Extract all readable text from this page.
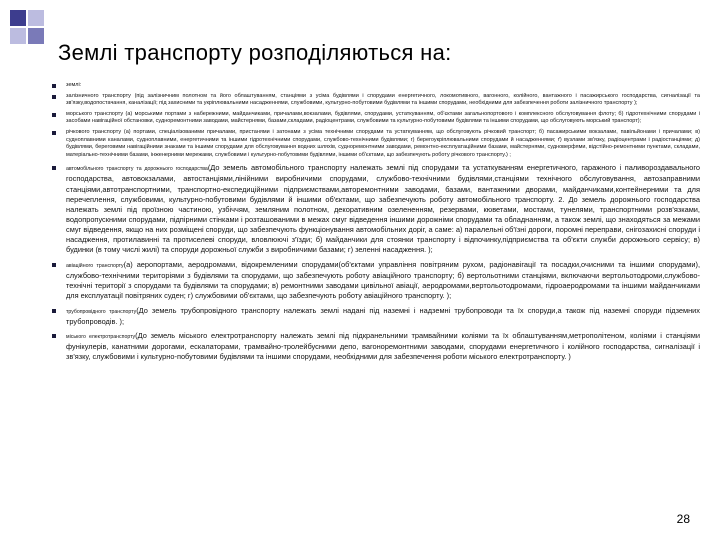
Землі транспорту розподіляються на:
землі:
залізничного транспорту (під залізничним полотном та його облаштуванням, станціями з усіма будівлями і спорудами енергетичного, локомотивного, вагонного, колійного, вантажного і пасажирського господарства, сигналізації та зв'язку,водопостачання, каналізації; під захисними та укріплювальними насадженнями, службовими, культурно-побутовими будівлями та іншими спорудами, необхідними для забезпечення роботи залізничного транспорту );
морського транспорту (а) морськими портами з набережними, майданчиками, причалами,вокзалами, будівлями, спорудами, устаткуванням, об'єктами загальнопортового і комплексного обслуговування флоту; б) гідротехнічними спорудами і засобами навігаційної обстановки, судноремонтними заводами, майстернями, базами,складами, радіоцентрами, службовими та культурно-побутовими будівлями та іншими спорудами, що обслуговують морський транспорт);
річкового транспорту (а) портами, спеціалізованими причалами, пристанями і затонами з усіма технічними спорудами та устаткуванням, що обслуговують річковий транспорт; б) пасажирськими вокзалами, павільйонами і причалами; в) судноплавними каналами, судноплавними, енергетичними та іншими гідротехнічними спорудами, службово-технічними будівлями; г) берегоукріплювальними спорудами й насадженнями; ґ) вузлами зв'язку, радіоцентрами і радіостанціями; д) будівлями, береговими навігаційними знаками та іншими спорудами для обслуговування водних шляхів, судноремонтними заводами, ремонтно-експлуатаційними базами, майстернями, судноверфями, відстійно-ремонтними пунктами, складами, матеріально-технічними базами, інженерними мережами, службовими і культурно-побутовими будівлями, іншими об'єктами, що забезпечують роботу річкового транспорту.) ;
автомобільного транспорту та дорожнього господарства(До земель автомобільного транспорту належать землі під спорудами та устаткуванням енергетичного, гаражного і паливороздавального господарства, автовокзалами, автостанціями,лінійними виробничими спорудами, службово-технічними будівлями,станціями технічного обслуговування, автозаправними станціями,автотранспортними, транспортно-експедиційними підприємствами,авторемонтними заводами, базами, вантажними дворами, майданчиками,контейнерними та для перечеплення, службовими, культурно-побутовими будівлями й іншими об'єктами, що забезпечують роботу автомобільного транспорту. 2. До земель дорожнього господарства належать землі під проїзною частиною, узбіччям, земляним полотном, декоративним озелененням, резервами, кюветами, мостами, тунелями, транспортними розв'язками, водопропускними спорудами, підпірними стінками і розташованими в межах смуг відведення іншими дорожніми спорудами та обладнанням, а також землі, що знаходяться за межами смуг відведення, якщо на них розміщені споруди, що забезпечують функціонування автомобільних доріг, а саме: а) паралельні об'їзні дороги, поромні переправи, снігозахисні споруди і насадження, протилавинні та протиселеві споруди, вловлюючі з'їзди; б) майданчики для стоянки транспорту і відпочинку,підприємства та об'єкти служби дорожнього сервісу; в) будинки (в тому числі жилі) та споруди дорожньої служби з виробничими базами; г) зеленні насадження. );
авіаційного транспорту(а) аеропортами, аеродромами, відокремленими спорудами(об'єктами управління повітряним рухом, радіонавігації та посадки,очисними та іншими спорудами), службово-технічними територіями з будівлями та спорудами, що забезпечують роботу авіаційного транспорту; б) вертольотними станціями, включаючи вертольотодроми,службово-технічні території з спорудами та будівлями та спорудами; в) ремонтними заводами цивільної авіації, аеродромами,вертольотодромами, гідроаеродромами та іншими майданчиками для експлуатації повітряних суден; г) службовими об'єктами, що забезпечують роботу авіаційного транспорту. );
трубопровідного транспорту(До земель трубопровідного транспорту належать землі надані під наземні і надземні трубопроводи та їх споруди,а також під наземні споруди підземних трубопроводів. );
міського електротранспорту(До земель міського електротранспорту належать землі під підкранельними трамвайними коліями та їх облаштуванням,метрополітеном, коліями і станціями фунікулерів, канатними дорогами, ескалаторами, трамвайно-тролейбусними депо, вагоноремонтними заводами, спорудами енергетичного і колійного господарства, сигналізації і зв'язку, службовими і культурно-побутовими будівлями та іншими спорудами, необхідними для забезпечення роботи міського електротранспорту. )
28
